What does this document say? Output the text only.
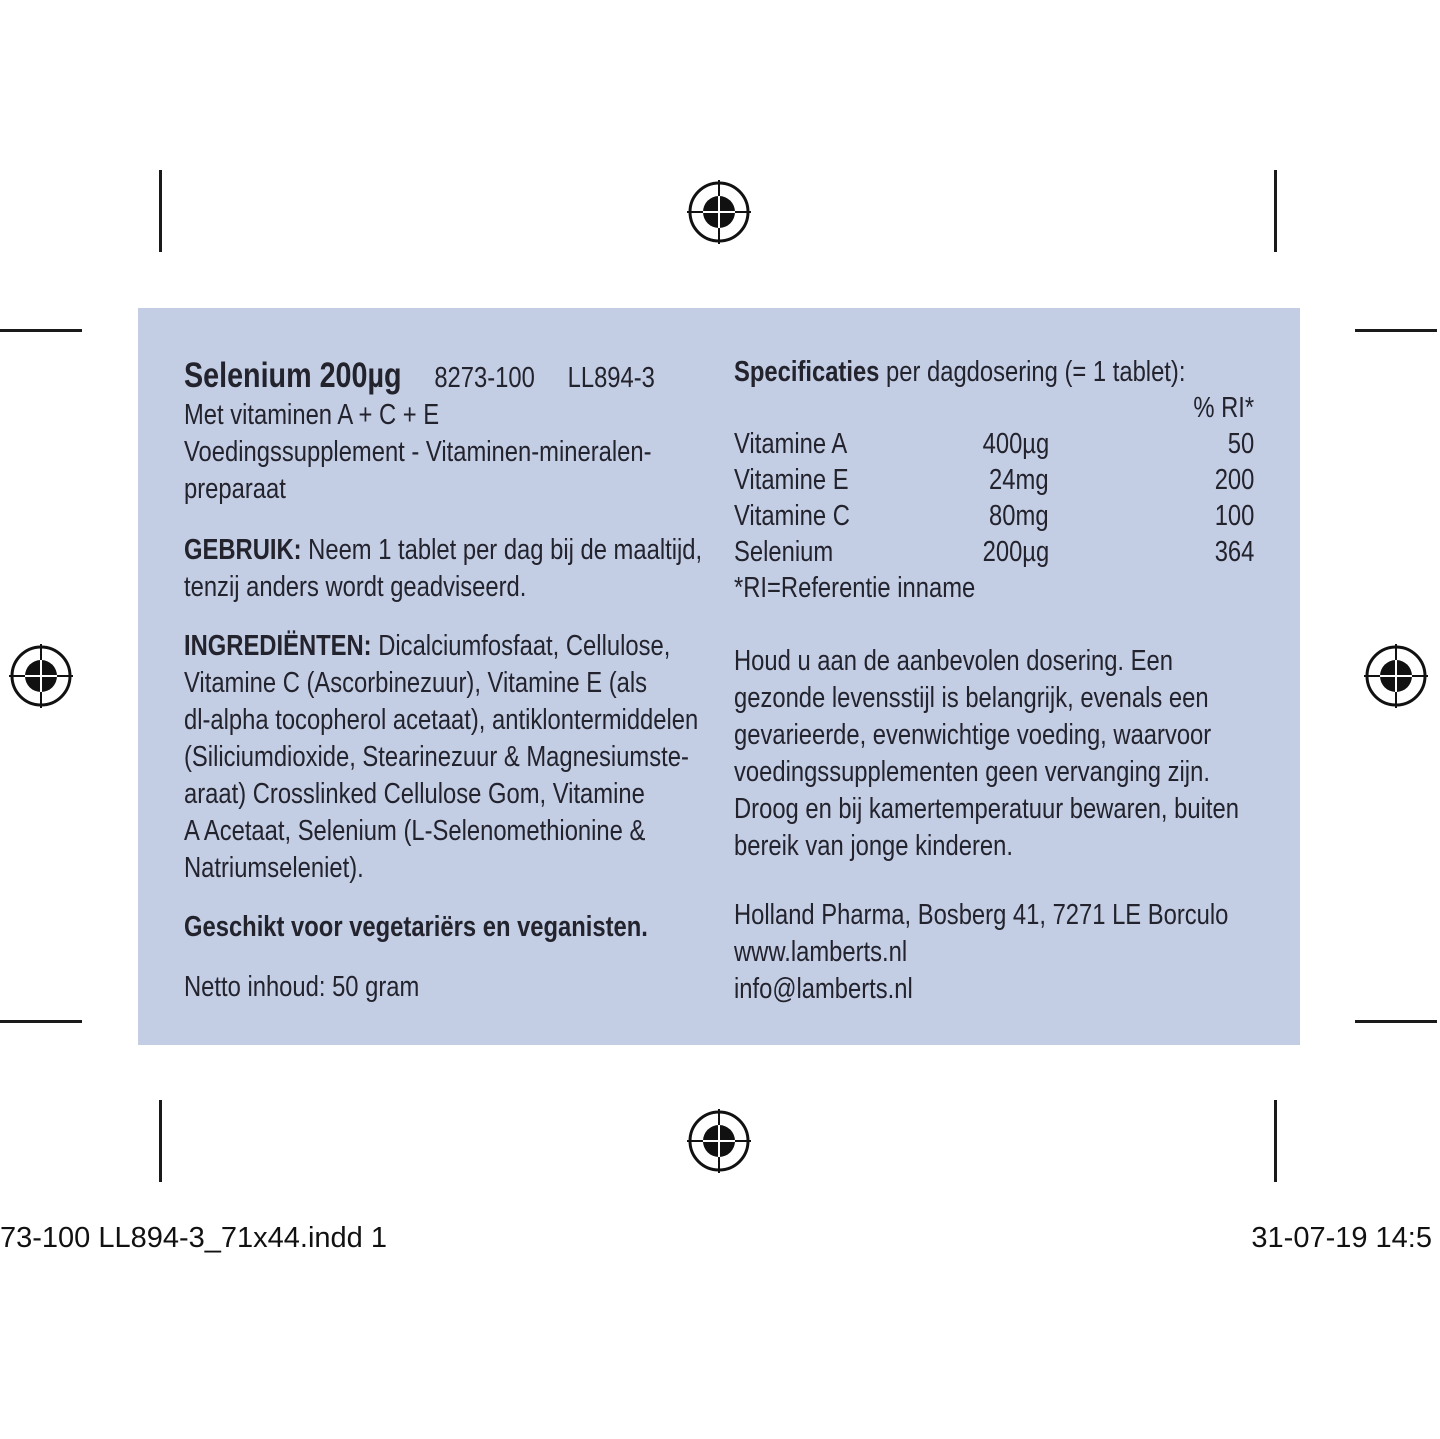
Selenium 200µg 8273-100 LL894-3
Met vitaminen A + C + E
Voedingssupplement - Vitaminen-mineralen-
preparaat
GEBRUIK: Neem 1 tablet per dag bij de maaltijd,
tenzij anders wordt geadviseerd.
INGREDIËNTEN: Dicalciumfosfaat, Cellulose,
Vitamine C (Ascorbinezuur), Vitamine E (als
dl-alpha tocopherol acetaat), antiklontermiddelen
(Siliciumdioxide, Stearinezuur & Magnesiumste-
araat) Crosslinked Cellulose Gom, Vitamine
A Acetaat, Selenium (L-Selenomethionine &
Natriumseleniet).
Geschikt voor vegetariërs en veganisten.
Netto inhoud: 50 gram
Specificaties per dagdosering (= 1 tablet):
% RI*
Vitamine A	400µg	50
Vitamine E	24mg	200
Vitamine C	80mg	100
Selenium	200µg	364
*RI=Referentie inname
Houd u aan de aanbevolen dosering. Een
gezonde levensstijl is belangrijk, evenals een
gevarieerde, evenwichtige voeding, waarvoor
voedingssupplementen geen vervanging zijn.
Droog en bij kamertemperatuur bewaren, buiten
bereik van jonge kinderen.
Holland Pharma, Bosberg 41, 7271 LE Borculo
www.lamberts.nl
info@lamberts.nl
73-100 LL894-3_71x44.indd 1	31-07-19 14:5
